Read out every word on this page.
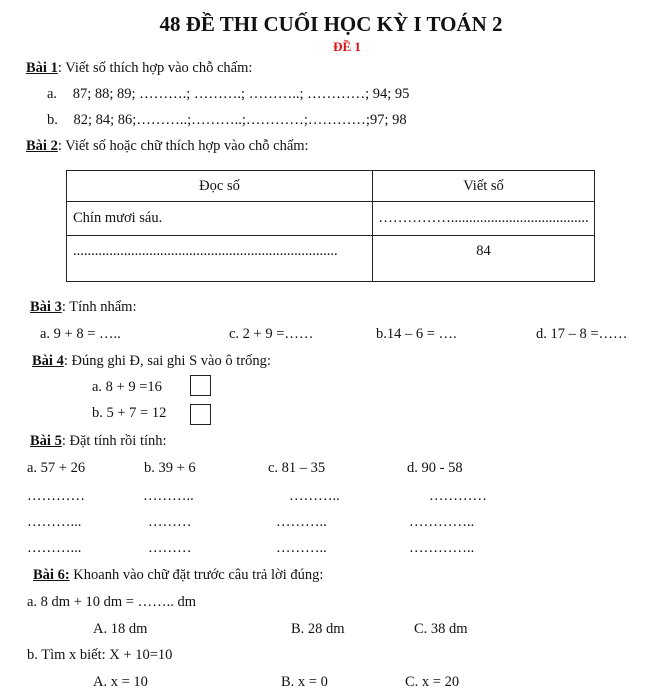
48 ĐỀ THI CUỐI HỌC KỲ I TOÁN 2
ĐỀ 1
Bài 1: Viết số thích hợp vào chỗ chấm:
a. 87; 88; 89; ……….; ……….; ………..; …………; 94; 95
b. 82; 84; 86;………..;………..;…………;…………;97; 98
Bài 2: Viết số hoặc chữ thích hợp vào chỗ chấm:
Đọc số	Viết số
Chín mươi sáu.	……………......................................
.........................................................................	84
Bài 3: Tính nhẩm:
a. 9 + 8 = …..	c. 2 + 9 =……	b.14 – 6 = ….	d. 17 – 8 =……
Bài 4: Đúng ghi Đ, sai ghi S vào ô trống:
a. 8 + 9 =16
b. 5 + 7 = 12
Bài 5: Đặt tính rồi tính:
a. 57 + 26	b. 39 + 6	c. 81 – 35	d. 90 - 58
…………	………..	………..	…………
………...	………	………..	…………..
………...	………	………..	…………..
Bài 6: Khoanh vào chữ đặt trước câu trả lời đúng:
a. 8 dm + 10 dm = …….. dm
A. 18 dm	B. 28 dm	C. 38 dm
b. Tìm x biết: X + 10=10
A. x = 10	B. x = 0	C. x = 20
